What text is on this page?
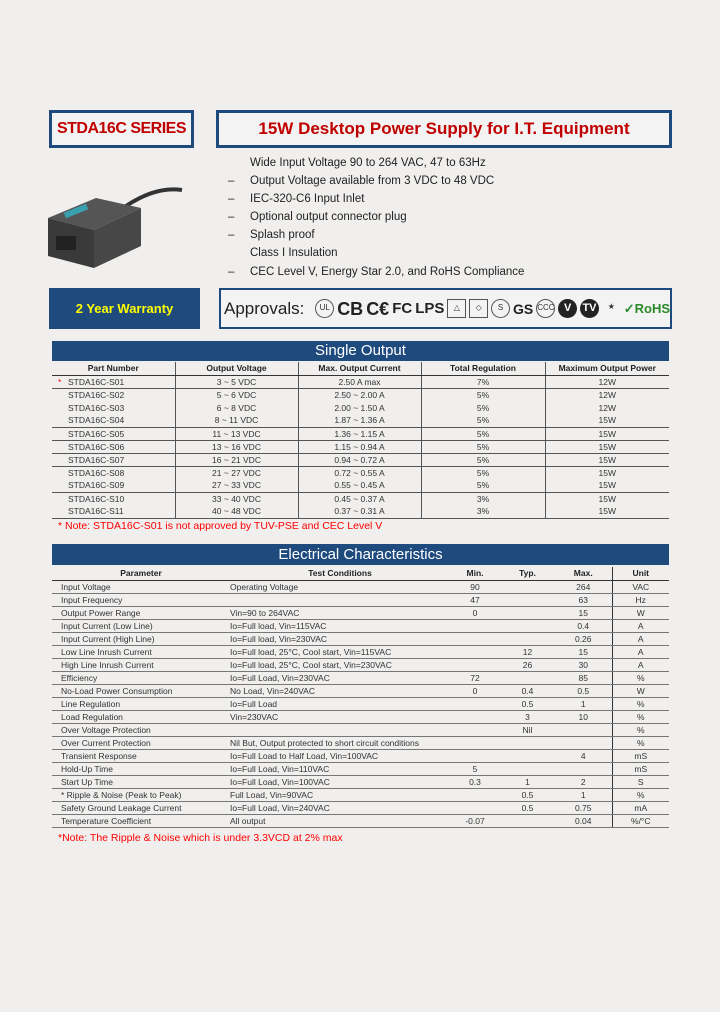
STDA16C SERIES	15W Desktop Power Supply for I.T. Equipment
Wide Input Voltage 90 to 264 VAC, 47 to 63Hz
– Output Voltage available from 3 VDC to 48 VDC
– IEC-320-C6 Input Inlet
– Optional output connector plug
– Splash proof
Class I Insulation
– CEC Level V, Energy Star 2.0, and RoHS Compliance
2 Year Warranty	Approvals:	UL CB C€ FC LPS	△	◇	S GS CCC V	TV	★ ✓RoHS
Single Output
Part Number	Output Voltage	Max. Output Current	Total Regulation	Maximum Output Power

* STDA16C-S01	3 ~ 5 VDC	2.50 A max	7%	12W
STDA16C-S02	5 ~ 6 VDC	2.50 ~ 2.00 A	5%	12W
STDA16C-S03	6 ~ 8 VDC	2.00 ~ 1.50 A	5%	12W
STDA16C-S04	8 ~ 11 VDC	1.87 ~ 1.36 A	5%	15W
STDA16C-S05	11 ~ 13 VDC	1.36 ~ 1.15 A	5%	15W
STDA16C-S06	13 ~ 16 VDC	1.15 ~ 0.94 A	5%	15W
STDA16C-S07	16 ~ 21 VDC	0.94 ~ 0.72 A	5%	15W
STDA16C-S08	21 ~ 27 VDC	0.72 ~ 0.55 A	5%	15W
STDA16C-S09	27 ~ 33 VDC	0.55 ~ 0.45 A	5%	15W
STDA16C-S10	33 ~ 40 VDC	0.45 ~ 0.37 A	3%	15W
STDA16C-S11	40 ~ 48 VDC	0.37 ~ 0.31 A	3%	15W
* Note: STDA16C-S01 is not approved by TUV-PSE and CEC Level V
Electrical Characteristics
Parameter	Test Conditions	Min.	Typ.	Max.	Unit
Input Voltage	Operating Voltage	90		264	VAC
Input Frequency		47		63	Hz
Output Power Range	Vin=90 to 264VAC	0		15	W
Input Current (Low Line)	Io=Full load, Vin=115VAC			0.4	A
Input Current (High Line)	Io=Full load, Vin=230VAC			0.26	A
Low Line Inrush Current	Io=Full load, 25°C, Cool start, Vin=115VAC		12	15	A
High Line Inrush Current	Io=Full load, 25°C, Cool start, Vin=230VAC		26	30	A
Efficiency	Io=Full Load, Vin=230VAC	72		85	%
No-Load Power Consumption	No Load, Vin=240VAC	0	0.4	0.5	W
Line Regulation	Io=Full Load		0.5	1	%
Load Regulation	Vin=230VAC		3	10	%
Over Voltage Protection			Nil		%
Over Current Protection	Nil But, Output protected to short circuit conditions				%
Transient Response	Io=Full Load to Half Load, Vin=100VAC			4	mS
Hold-Up Time	Io=Full Load, Vin=110VAC	5			mS
Start Up Time	Io=Full Load, Vin=100VAC	0.3	1	2	S
* Ripple & Noise (Peak to Peak)	Full Load, Vin=90VAC		0.5	1	%
Safety Ground Leakage Current	Io=Full Load, Vin=240VAC		0.5	0.75	mA
Temperature Coefficient	All output	-0.07		0.04	%/°C
*Note: The Ripple & Noise which is under 3.3VCD at 2% max
